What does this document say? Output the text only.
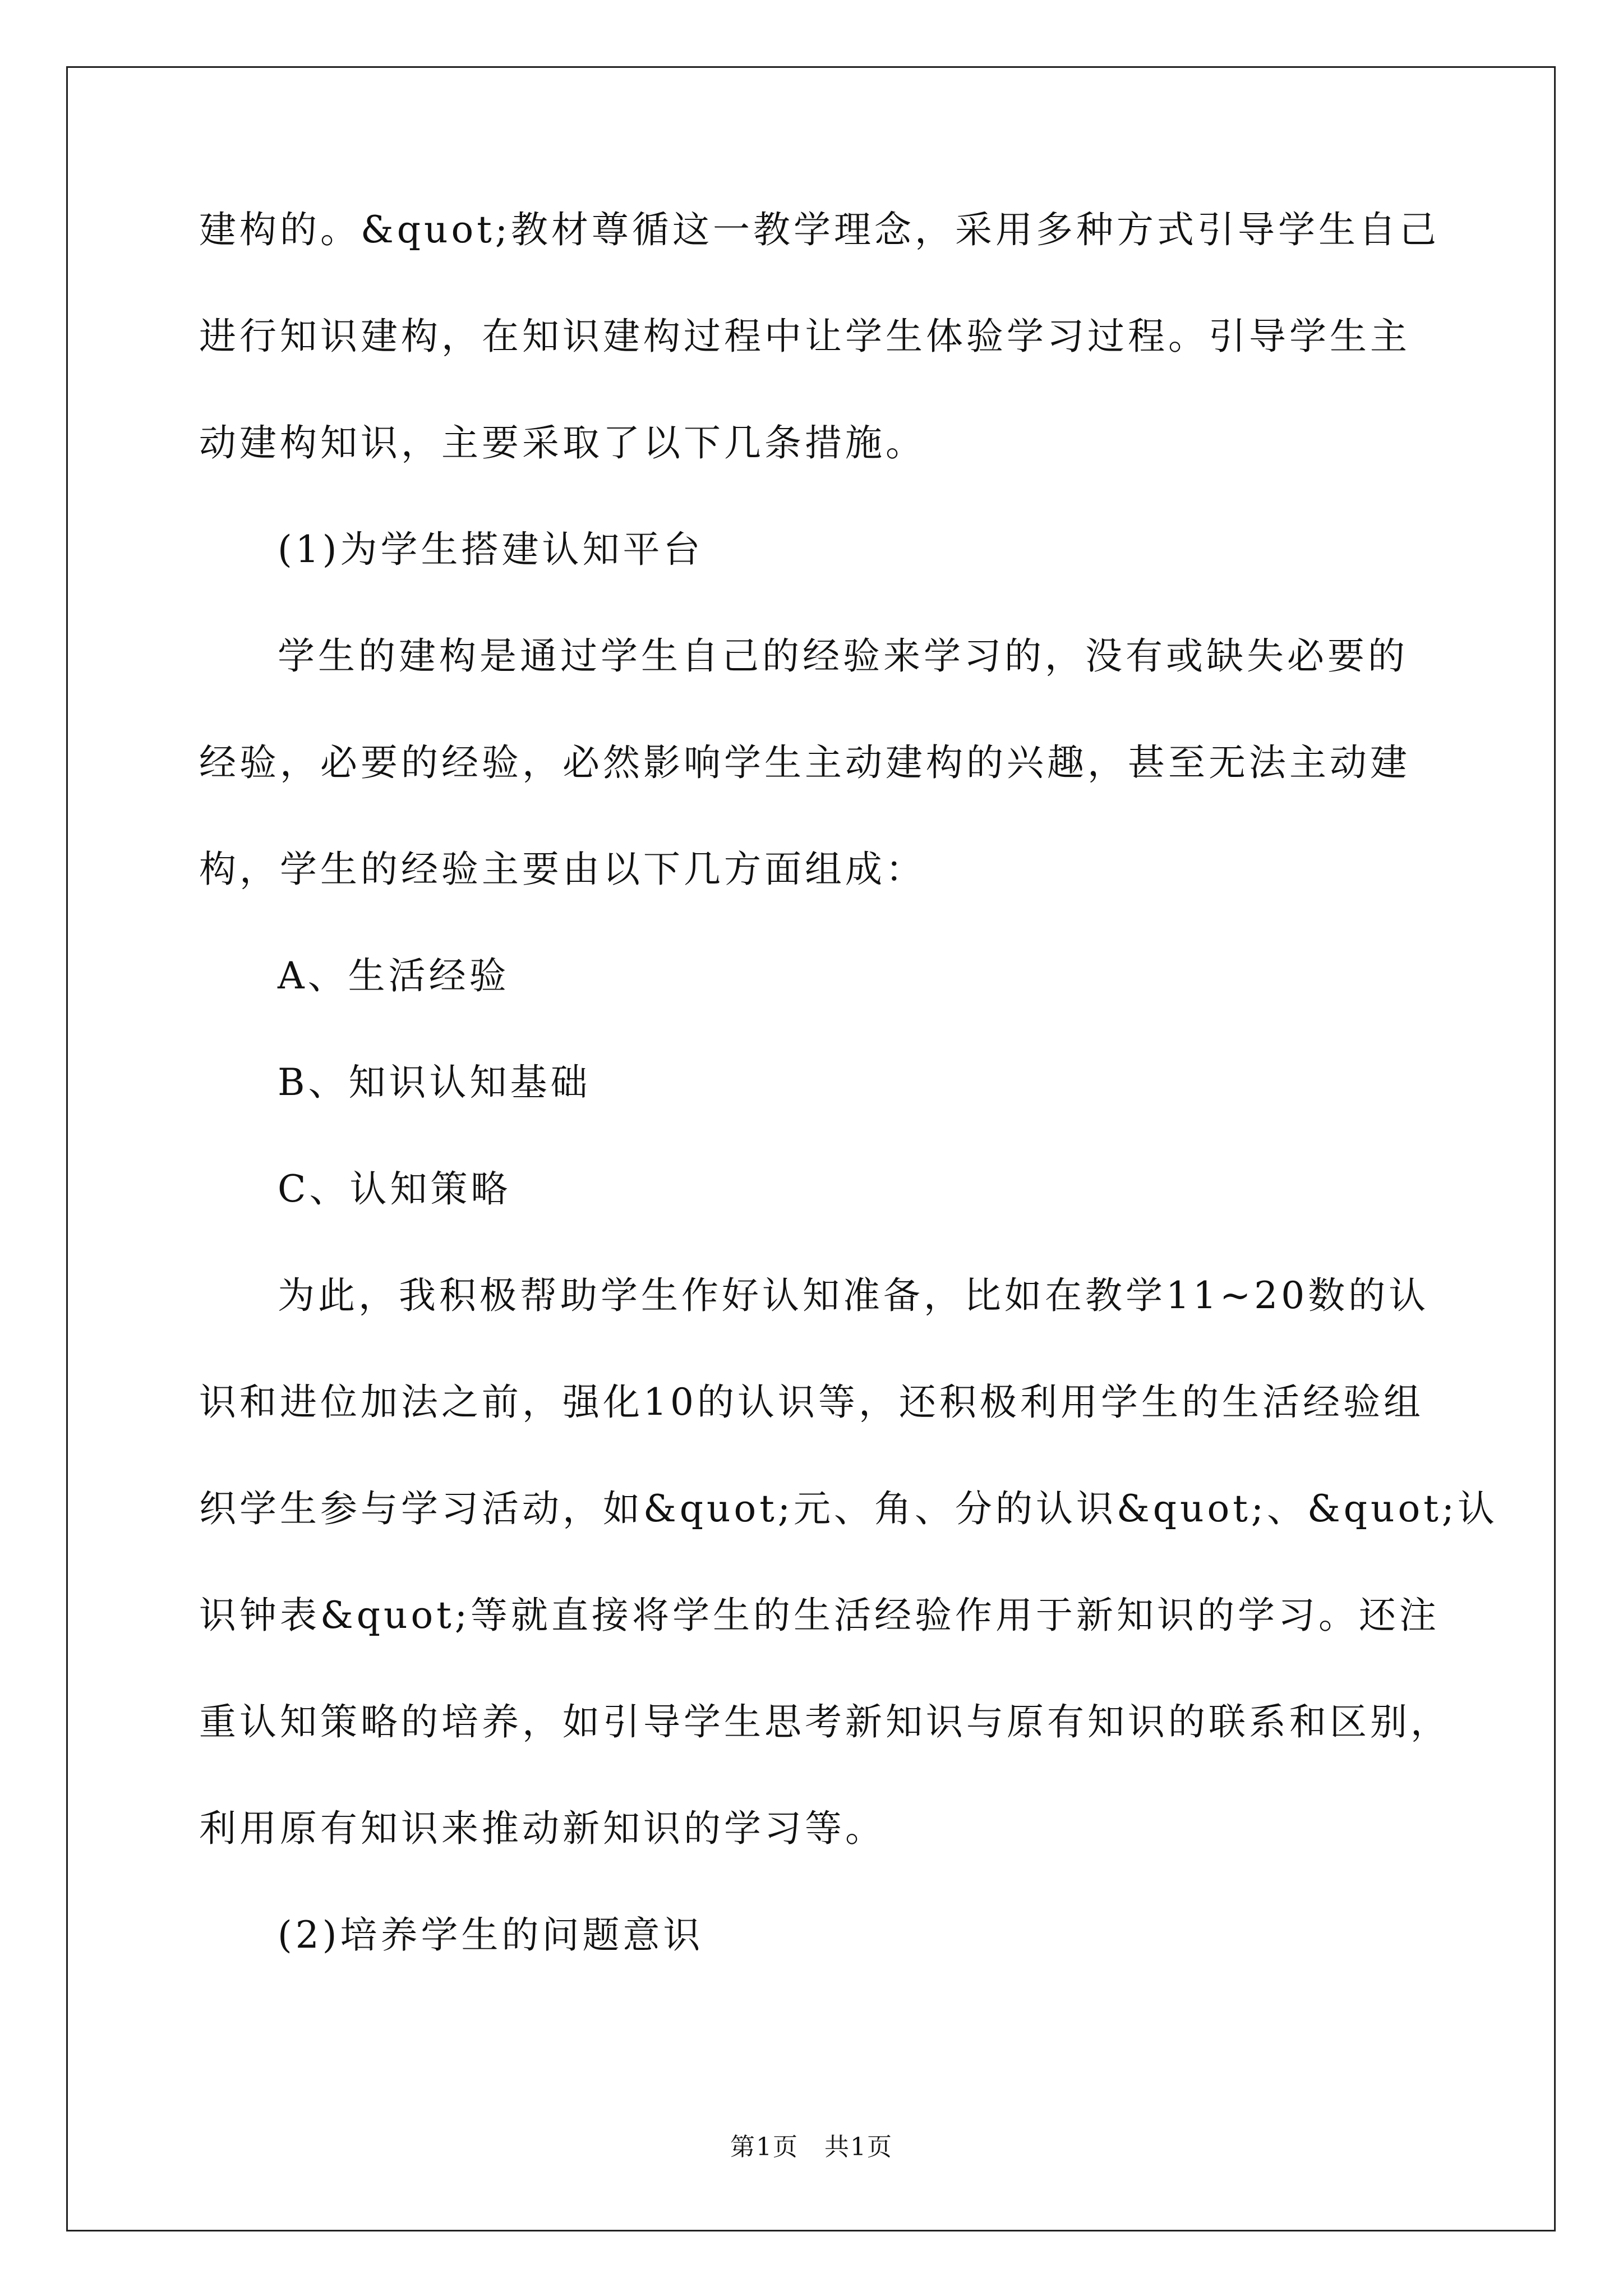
建构的。&quot;教材尊循这一教学理念，采用多种方式引导学生自己
进行知识建构，在知识建构过程中让学生体验学习过程。引导学生主
动建构知识，主要采取了以下几条措施。
(1)为学生搭建认知平台
学生的建构是通过学生自己的经验来学习的，没有或缺失必要的
经验，必要的经验，必然影响学生主动建构的兴趣，甚至无法主动建
构，学生的经验主要由以下几方面组成：
A、生活经验
B、知识认知基础
C、认知策略
为此，我积极帮助学生作好认知准备，比如在教学11~20数的认
识和进位加法之前，强化10的认识等，还积极利用学生的生活经验组
织学生参与学习活动，如&quot;元、角、分的认识&quot;、&quot;认
识钟表&quot;等就直接将学生的生活经验作用于新知识的学习。还注
重认知策略的培养，如引导学生思考新知识与原有知识的联系和区别，
利用原有知识来推动新知识的学习等。
(2)培养学生的问题意识
第1页　共1页
